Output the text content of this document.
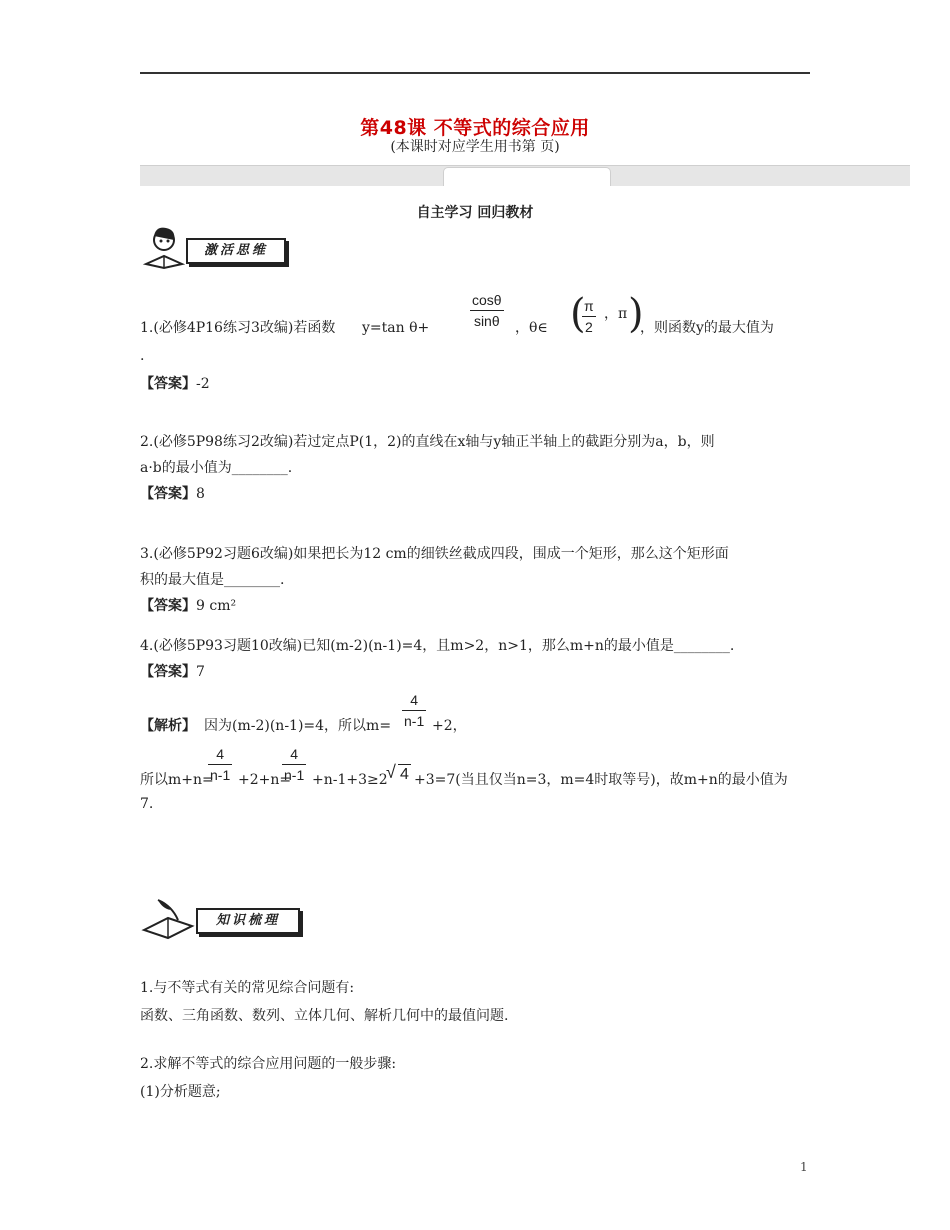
第48课 不等式的综合应用
(本课时对应学生用书第 页)
自主学习 回归教材
激活思维
1.(必修4P16练习3改编)若函数 y=tan θ+	$\frac{\cos\theta}{\sin\theta}$ ，θ∈ (
$\frac{\pi}{2}$ ，π )
，则函数y的最大值为
.
【答案】-2
2.(必修5P98练习2改编)若过定点P(1，2)的直线在x轴与y轴正半轴上的截距分别为a，b，则
a·b的最小值为________.
【答案】8
3.(必修5P92习题6改编)如果把长为12 cm的细铁丝截成四段，围成一个矩形，那么这个矩形面
积的最大值是________.
【答案】9 cm²
4.(必修5P93习题10改编)已知(m-2)(n-1)=4，且m>2，n>1，那么m+n的最小值是________.
【答案】7
【解析】 因为(m-2)(n-1)=4，所以$m= \frac{4}{n-1} +2$，
所以m+n=
$\frac{4}{n-1} +2+n=$
$\frac{4}{n-1} +n-1+3\ge 2$
√ 4 +3=7(当且仅当n=3，m=4时取等号)，故m+n的最小值为
7.
知识梳理
1.与不等式有关的常见综合问题有:
函数、三角函数、数列、立体几何、解析几何中的最值问题.
2.求解不等式的综合应用问题的一般步骤:
(1)分析题意;
1
